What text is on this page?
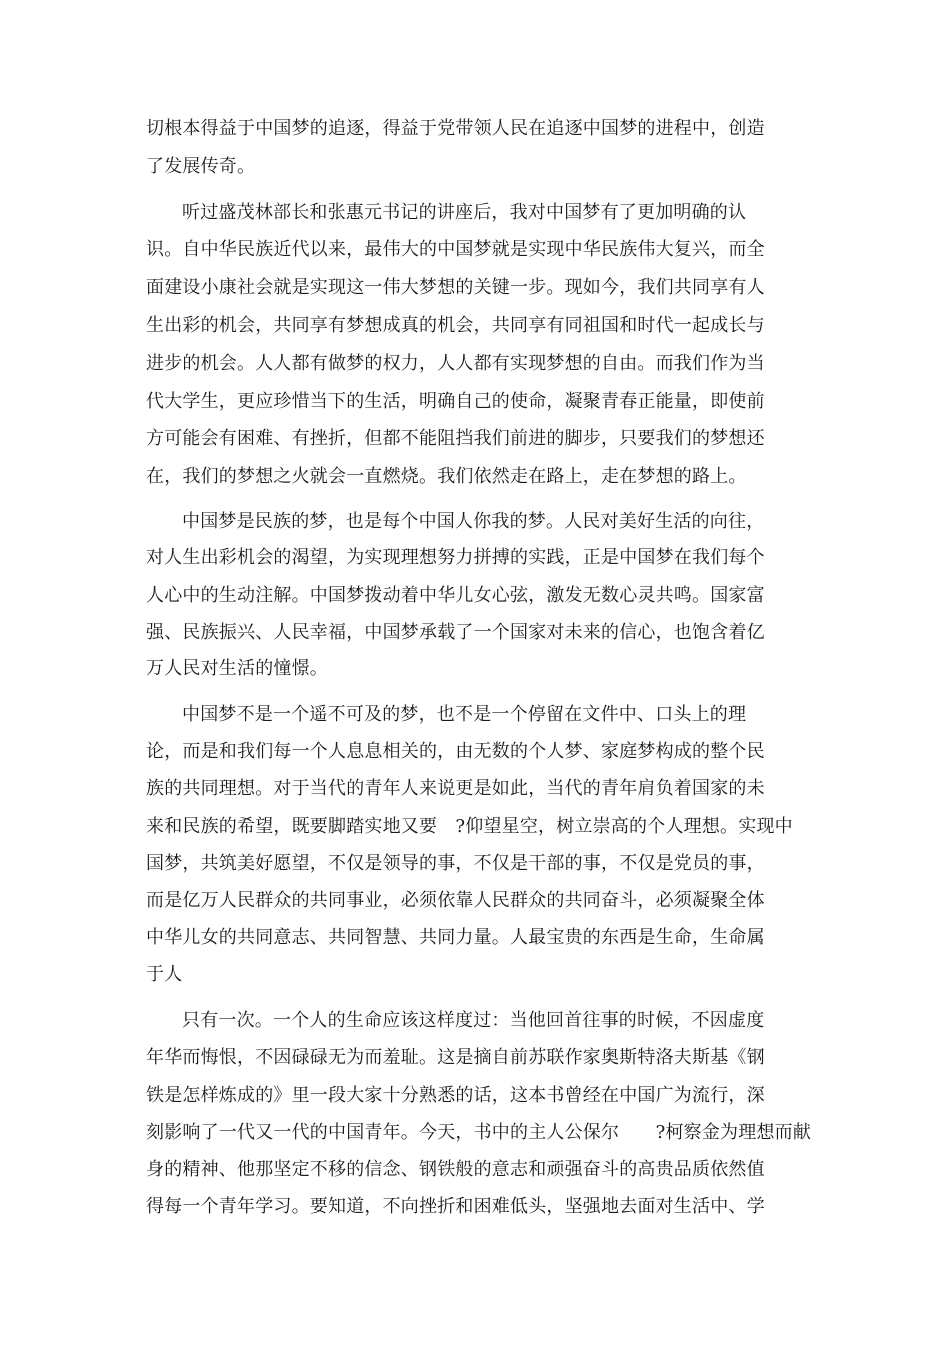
切根本得益于中国梦的追逐，得益于党带领人民在追逐中国梦的进程中，创造
了发展传奇。
听过盛茂林部长和张惠元书记的讲座后，我对中国梦有了更加明确的认
识。自中华民族近代以来，最伟大的中国梦就是实现中华民族伟大复兴，而全
面建设小康社会就是实现这一伟大梦想的关键一步。现如今，我们共同享有人
生出彩的机会，共同享有梦想成真的机会，共同享有同祖国和时代一起成长与
进步的机会。人人都有做梦的权力，人人都有实现梦想的自由。而我们作为当
代大学生，更应珍惜当下的生活，明确自己的使命，凝聚青春正能量，即使前
方可能会有困难、有挫折，但都不能阻挡我们前进的脚步，只要我们的梦想还
在，我们的梦想之火就会一直燃烧。我们依然走在路上，走在梦想的路上。
中国梦是民族的梦，也是每个中国人你我的梦。人民对美好生活的向往，
对人生出彩机会的渴望，为实现理想努力拼搏的实践，正是中国梦在我们每个
人心中的生动注解。中国梦拨动着中华儿女心弦，激发无数心灵共鸣。国家富
强、民族振兴、人民幸福，中国梦承载了一个国家对未来的信心，也饱含着亿
万人民对生活的憧憬。
中国梦不是一个遥不可及的梦，也不是一个停留在文件中、口头上的理
论，而是和我们每一个人息息相关的，由无数的个人梦、家庭梦构成的整个民
族的共同理想。对于当代的青年人来说更是如此，当代的青年肩负着国家的未
来和民族的希望，既要脚踏实地又要　?仰望星空，树立崇高的个人理想。实现中
国梦，共筑美好愿望，不仅是领导的事，不仅是干部的事，不仅是党员的事，
而是亿万人民群众的共同事业，必须依靠人民群众的共同奋斗，必须凝聚全体
中华儿女的共同意志、共同智慧、共同力量。人最宝贵的东西是生命，生命属
于人
只有一次。一个人的生命应该这样度过：当他回首往事的时候，不因虚度
年华而悔恨，不因碌碌无为而羞耻。这是摘自前苏联作家奥斯特洛夫斯基《钢
铁是怎样炼成的》里一段大家十分熟悉的话，这本书曾经在中国广为流行，深
刻影响了一代又一代的中国青年。今天，书中的主人公保尔　　?柯察金为理想而献
身的精神、他那坚定不移的信念、钢铁般的意志和顽强奋斗的高贵品质依然值
得每一个青年学习。要知道，不向挫折和困难低头，坚强地去面对生活中、学
